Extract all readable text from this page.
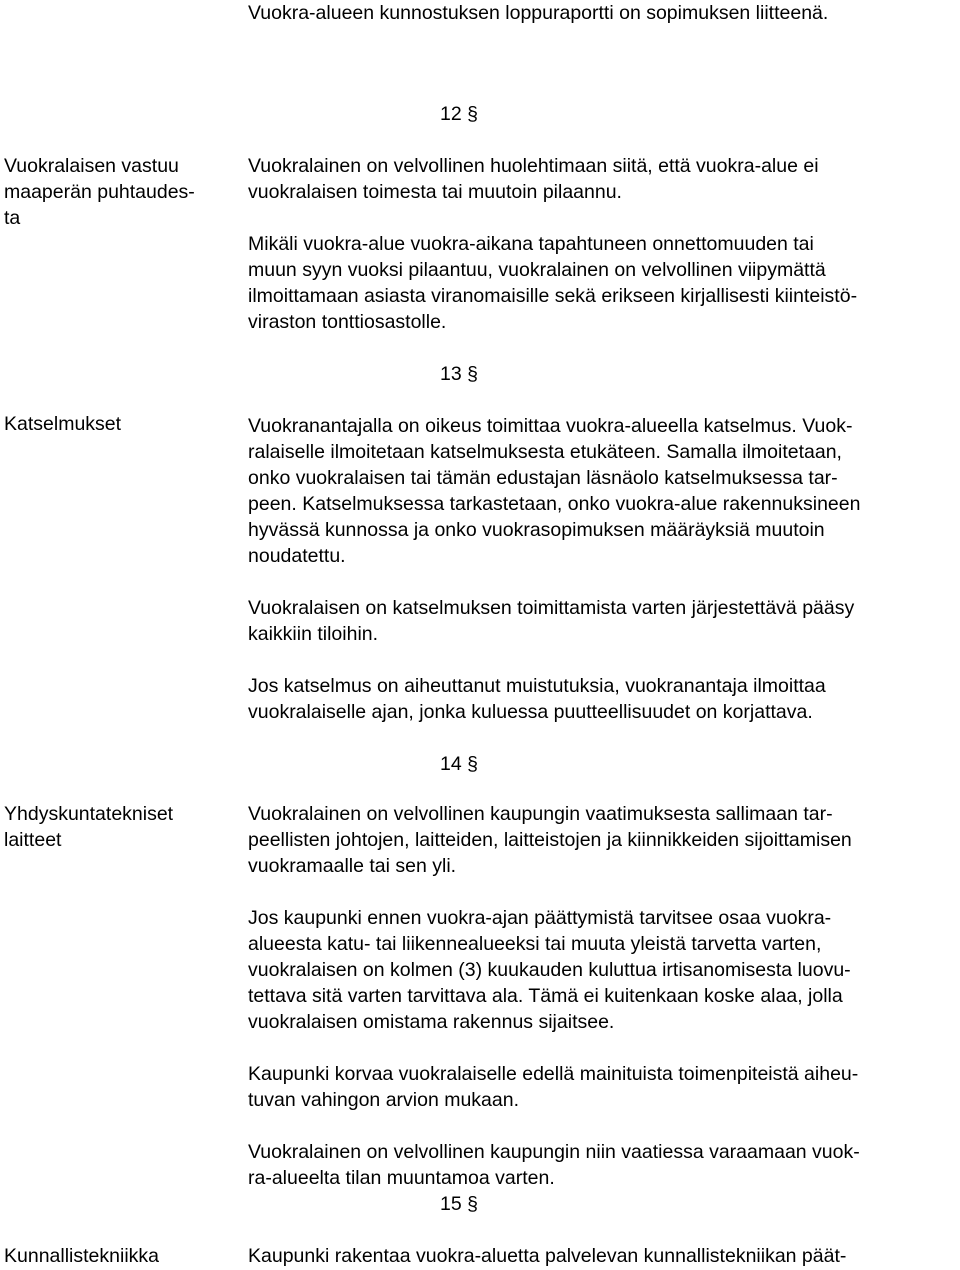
Vuokra-alueen kunnostuksen loppuraportti on sopimuksen liitteenä.

12 §

Vuokralaisen vastuu
maaperän puhtaudes-
ta

Vuokralainen on velvollinen huolehtimaan siitä, että vuokra-alue ei
vuokralaisen toimesta tai muutoin pilaannu.

Mikäli vuokra-alue vuokra-aikana tapahtuneen onnettomuuden tai
muun syyn vuoksi pilaantuu, vuokralainen on velvollinen viipymättä
ilmoittamaan asiasta viranomaisille sekä erikseen kirjallisesti kiinteistö-
viraston tonttiosastolle.

13 §

Katselmukset	Vuokranantajalla on oikeus toimittaa vuokra-alueella katselmus. Vuok-
ralaiselle ilmoitetaan katselmuksesta etukäteen. Samalla ilmoitetaan,
onko vuokralaisen tai tämän edustajan läsnäolo katselmuksessa tar-
peen. Katselmuksessa tarkastetaan, onko vuokra-alue rakennuksineen
hyvässä kunnossa ja onko vuokrasopimuksen määräyksiä muutoin
noudatettu.

Vuokralaisen on katselmuksen toimittamista varten järjestettävä pääsy
kaikkiin tiloihin.

Jos katselmus on aiheuttanut muistutuksia, vuokranantaja ilmoittaa
vuokralaiselle ajan, jonka kuluessa puutteellisuudet on korjattava.

14 §

Yhdyskuntatekniset
laitteet

Vuokralainen on velvollinen kaupungin vaatimuksesta sallimaan tar-
peellisten johtojen, laitteiden, laitteistojen ja kiinnikkeiden sijoittamisen
vuokramaalle tai sen yli.

Jos kaupunki ennen vuokra-ajan päättymistä tarvitsee osaa vuokra-
alueesta katu- tai liikennealueeksi tai muuta yleistä tarvetta varten,
vuokralaisen on kolmen (3) kuukauden kuluttua irtisanomisesta luovu-
tettava sitä varten tarvittava ala. Tämä ei kuitenkaan koske alaa, jolla
vuokralaisen omistama rakennus sijaitsee.

Kaupunki korvaa vuokralaiselle edellä mainituista toimenpiteistä aiheu-
tuvan vahingon arvion mukaan.

Vuokralainen on velvollinen kaupungin niin vaatiessa varaamaan vuok-
ra-alueelta tilan muuntamoa varten.

15 §

Kunnallistekniikka	Kaupunki rakentaa vuokra-aluetta palvelevan kunnallistekniikan päät-
